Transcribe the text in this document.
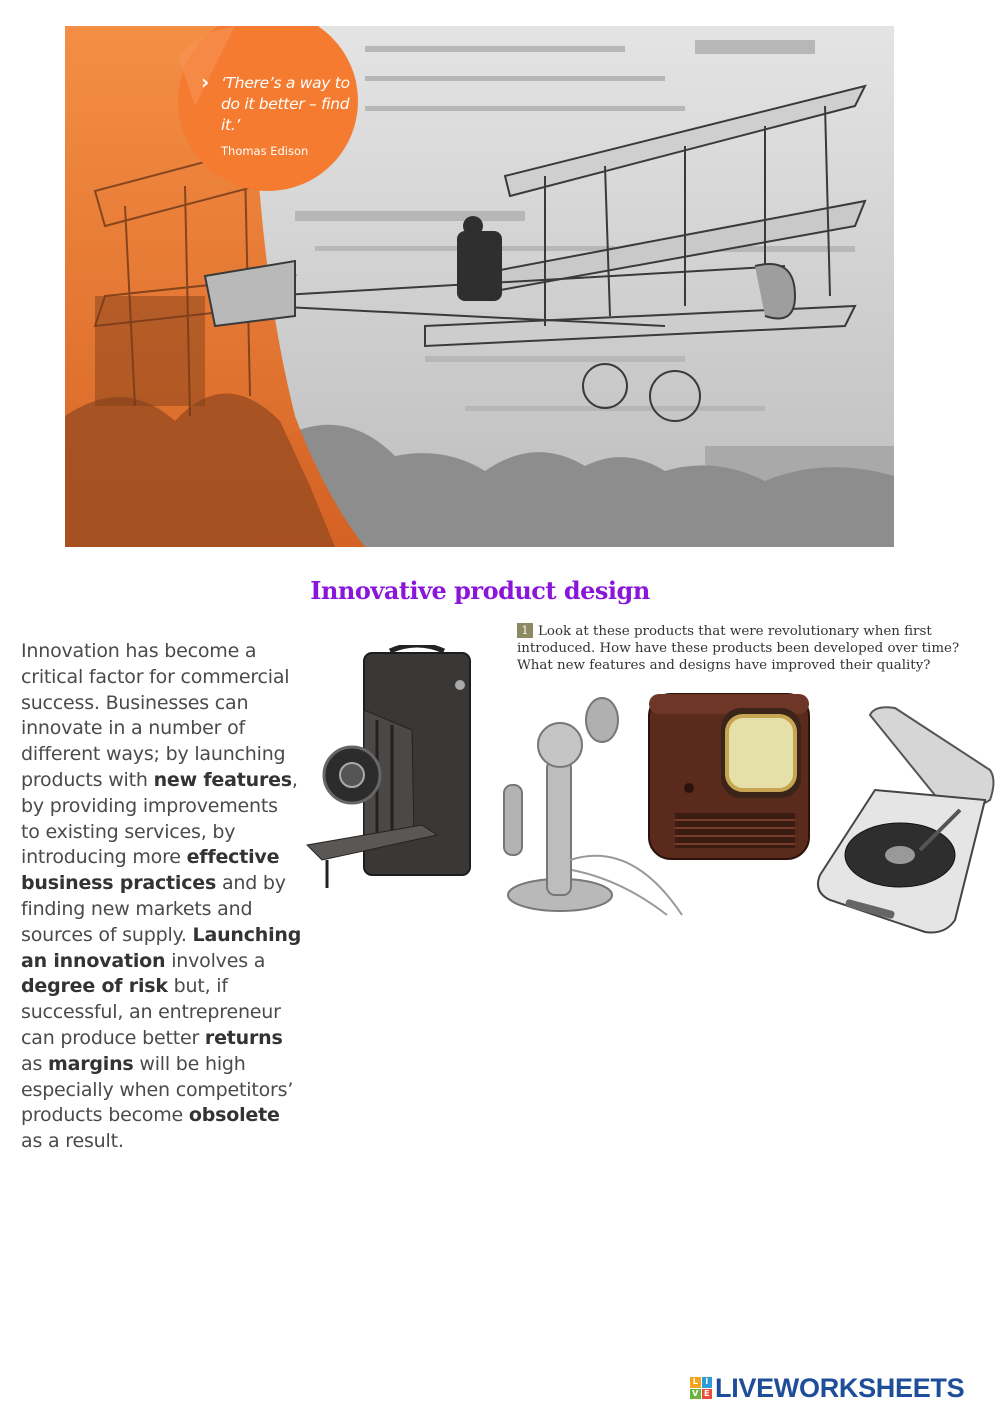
› ‘There’s a way to do it better – find it.’
Thomas Edison
Innovative product design
Innovation has become a
critical factor for commercial
success. Businesses can
innovate in a number of
different ways; by launching
products with new features,
by providing improvements
to existing services, by
introducing more effective
business practices and by
finding new markets and
sources of supply. Launching
an innovation involves a
degree of risk but, if
successful, an entrepreneur
can produce better returns
as margins will be high
especially when competitors’
products become obsolete
as a result.
1 Look at these products that were revolutionary when first introduced. How have these products been developed over time? What new features and designs have improved their quality?
L I
V E LIVEWORKSHEETS
